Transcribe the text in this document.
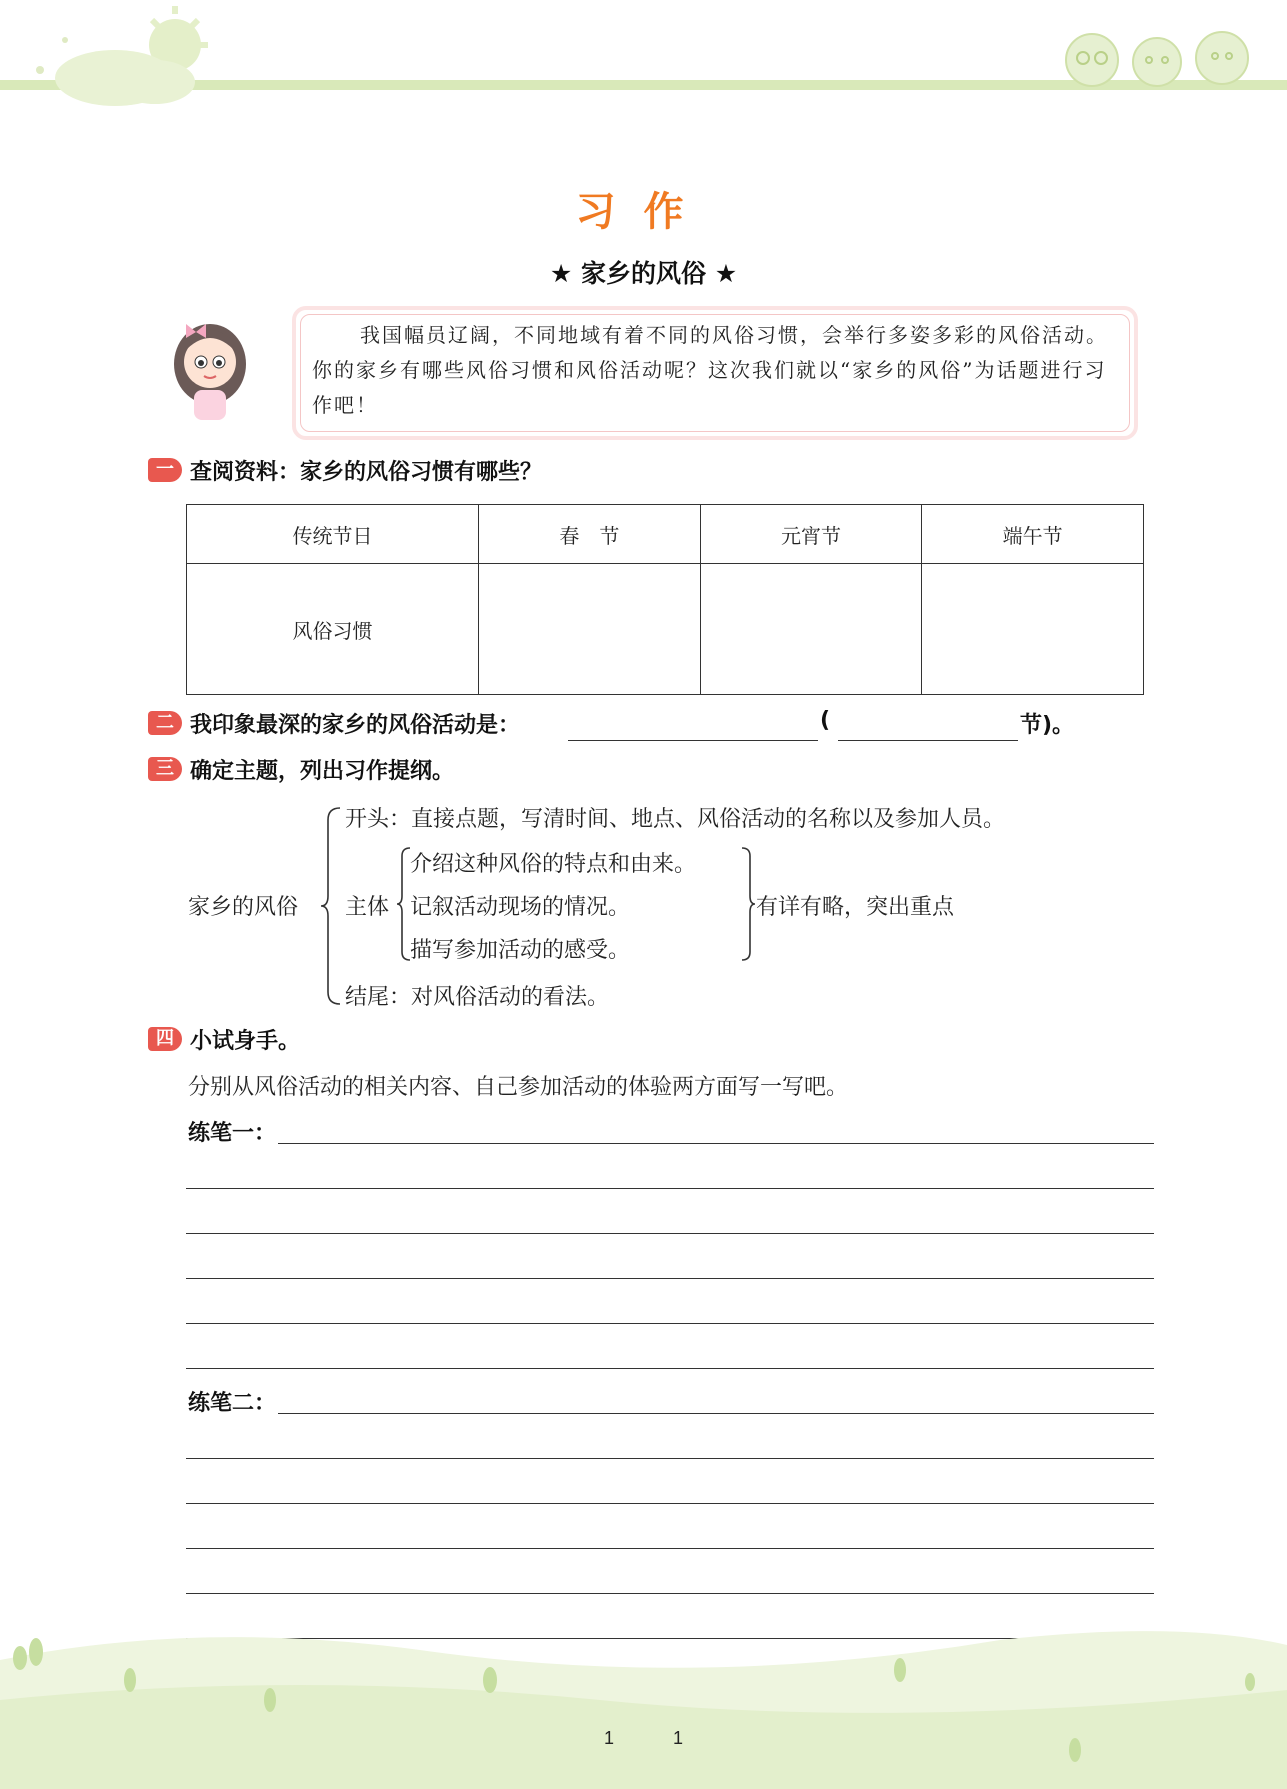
习作
★ 家乡的风俗 ★
我国幅员辽阔，不同地域有着不同的风俗习惯，会举行多姿多彩的风俗活动。你的家乡有哪些风俗习惯和风俗活动呢？这次我们就以“家乡的风俗”为话题进行习作吧！
一 查阅资料：家乡的风俗习惯有哪些？
传统节日	春　节	元宵节	端午节
风俗习惯			
二 我印象最深的家乡的风俗活动是：	(	节)。
三 确定主题，列出习作提纲。
家乡的风俗
开头：直接点题，写清时间、地点、风俗活动的名称以及参加人员。
主体
介绍这种风俗的特点和由来。
记叙活动现场的情况。
描写参加活动的感受。
有详有略，突出重点
结尾：对风俗活动的看法。
四 小试身手。
分别从风俗活动的相关内容、自己参加活动的体验两方面写一写吧。
练笔一：
练笔二：
1	1
